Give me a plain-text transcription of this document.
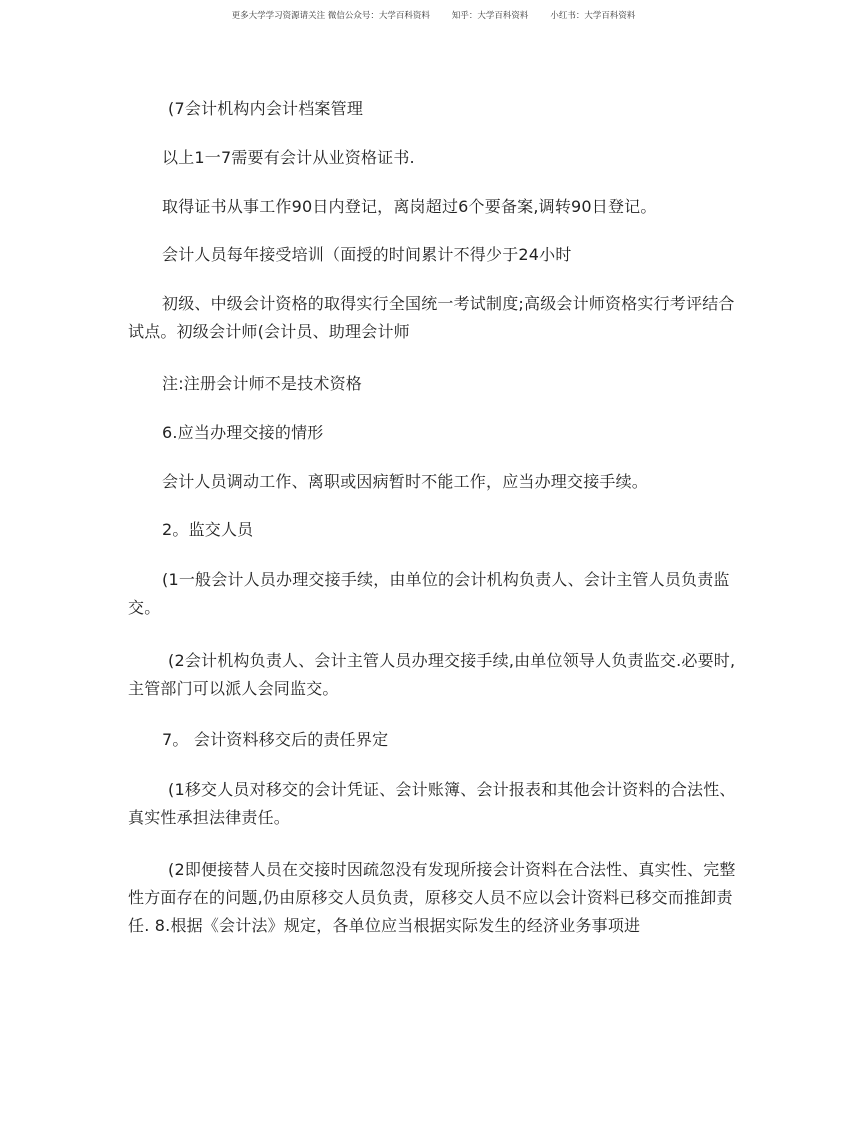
更多大学学习资源请关注 微信公众号：大学百科资料	知乎：大学百科资料	小红书：大学百科资料

(7会计机构内会计档案管理

以上1一7需要有会计从业资格证书.

取得证书从事工作90日内登记，离岗超过6个要备案,调转90日登记。

会计人员每年接受培训（面授的时间累计不得少于24小时

初级、中级会计资格的取得实行全国统一考试制度;高级会计师资格实行考评结合试点。初级会计师(会计员、助理会计师

注:注册会计师不是技术资格

6.应当办理交接的情形

会计人员调动工作、离职或因病暂时不能工作，应当办理交接手续。

2。监交人员

(1一般会计人员办理交接手续，由单位的会计机构负责人、会计主管人员负责监交。

(2会计机构负责人、会计主管人员办理交接手续,由单位领导人负责监交.必要时,主管部门可以派人会同监交。

7。 会计资料移交后的责任界定

(1移交人员对移交的会计凭证、会计账簿、会计报表和其他会计资料的合法性、真实性承担法律责任。

(2即便接替人员在交接时因疏忽没有发现所接会计资料在合法性、真实性、完整性方面存在的问题,仍由原移交人员负责，原移交人员不应以会计资料已移交而推卸责任. 8.根据《会计法》规定，各单位应当根据实际发生的经济业务事项进
